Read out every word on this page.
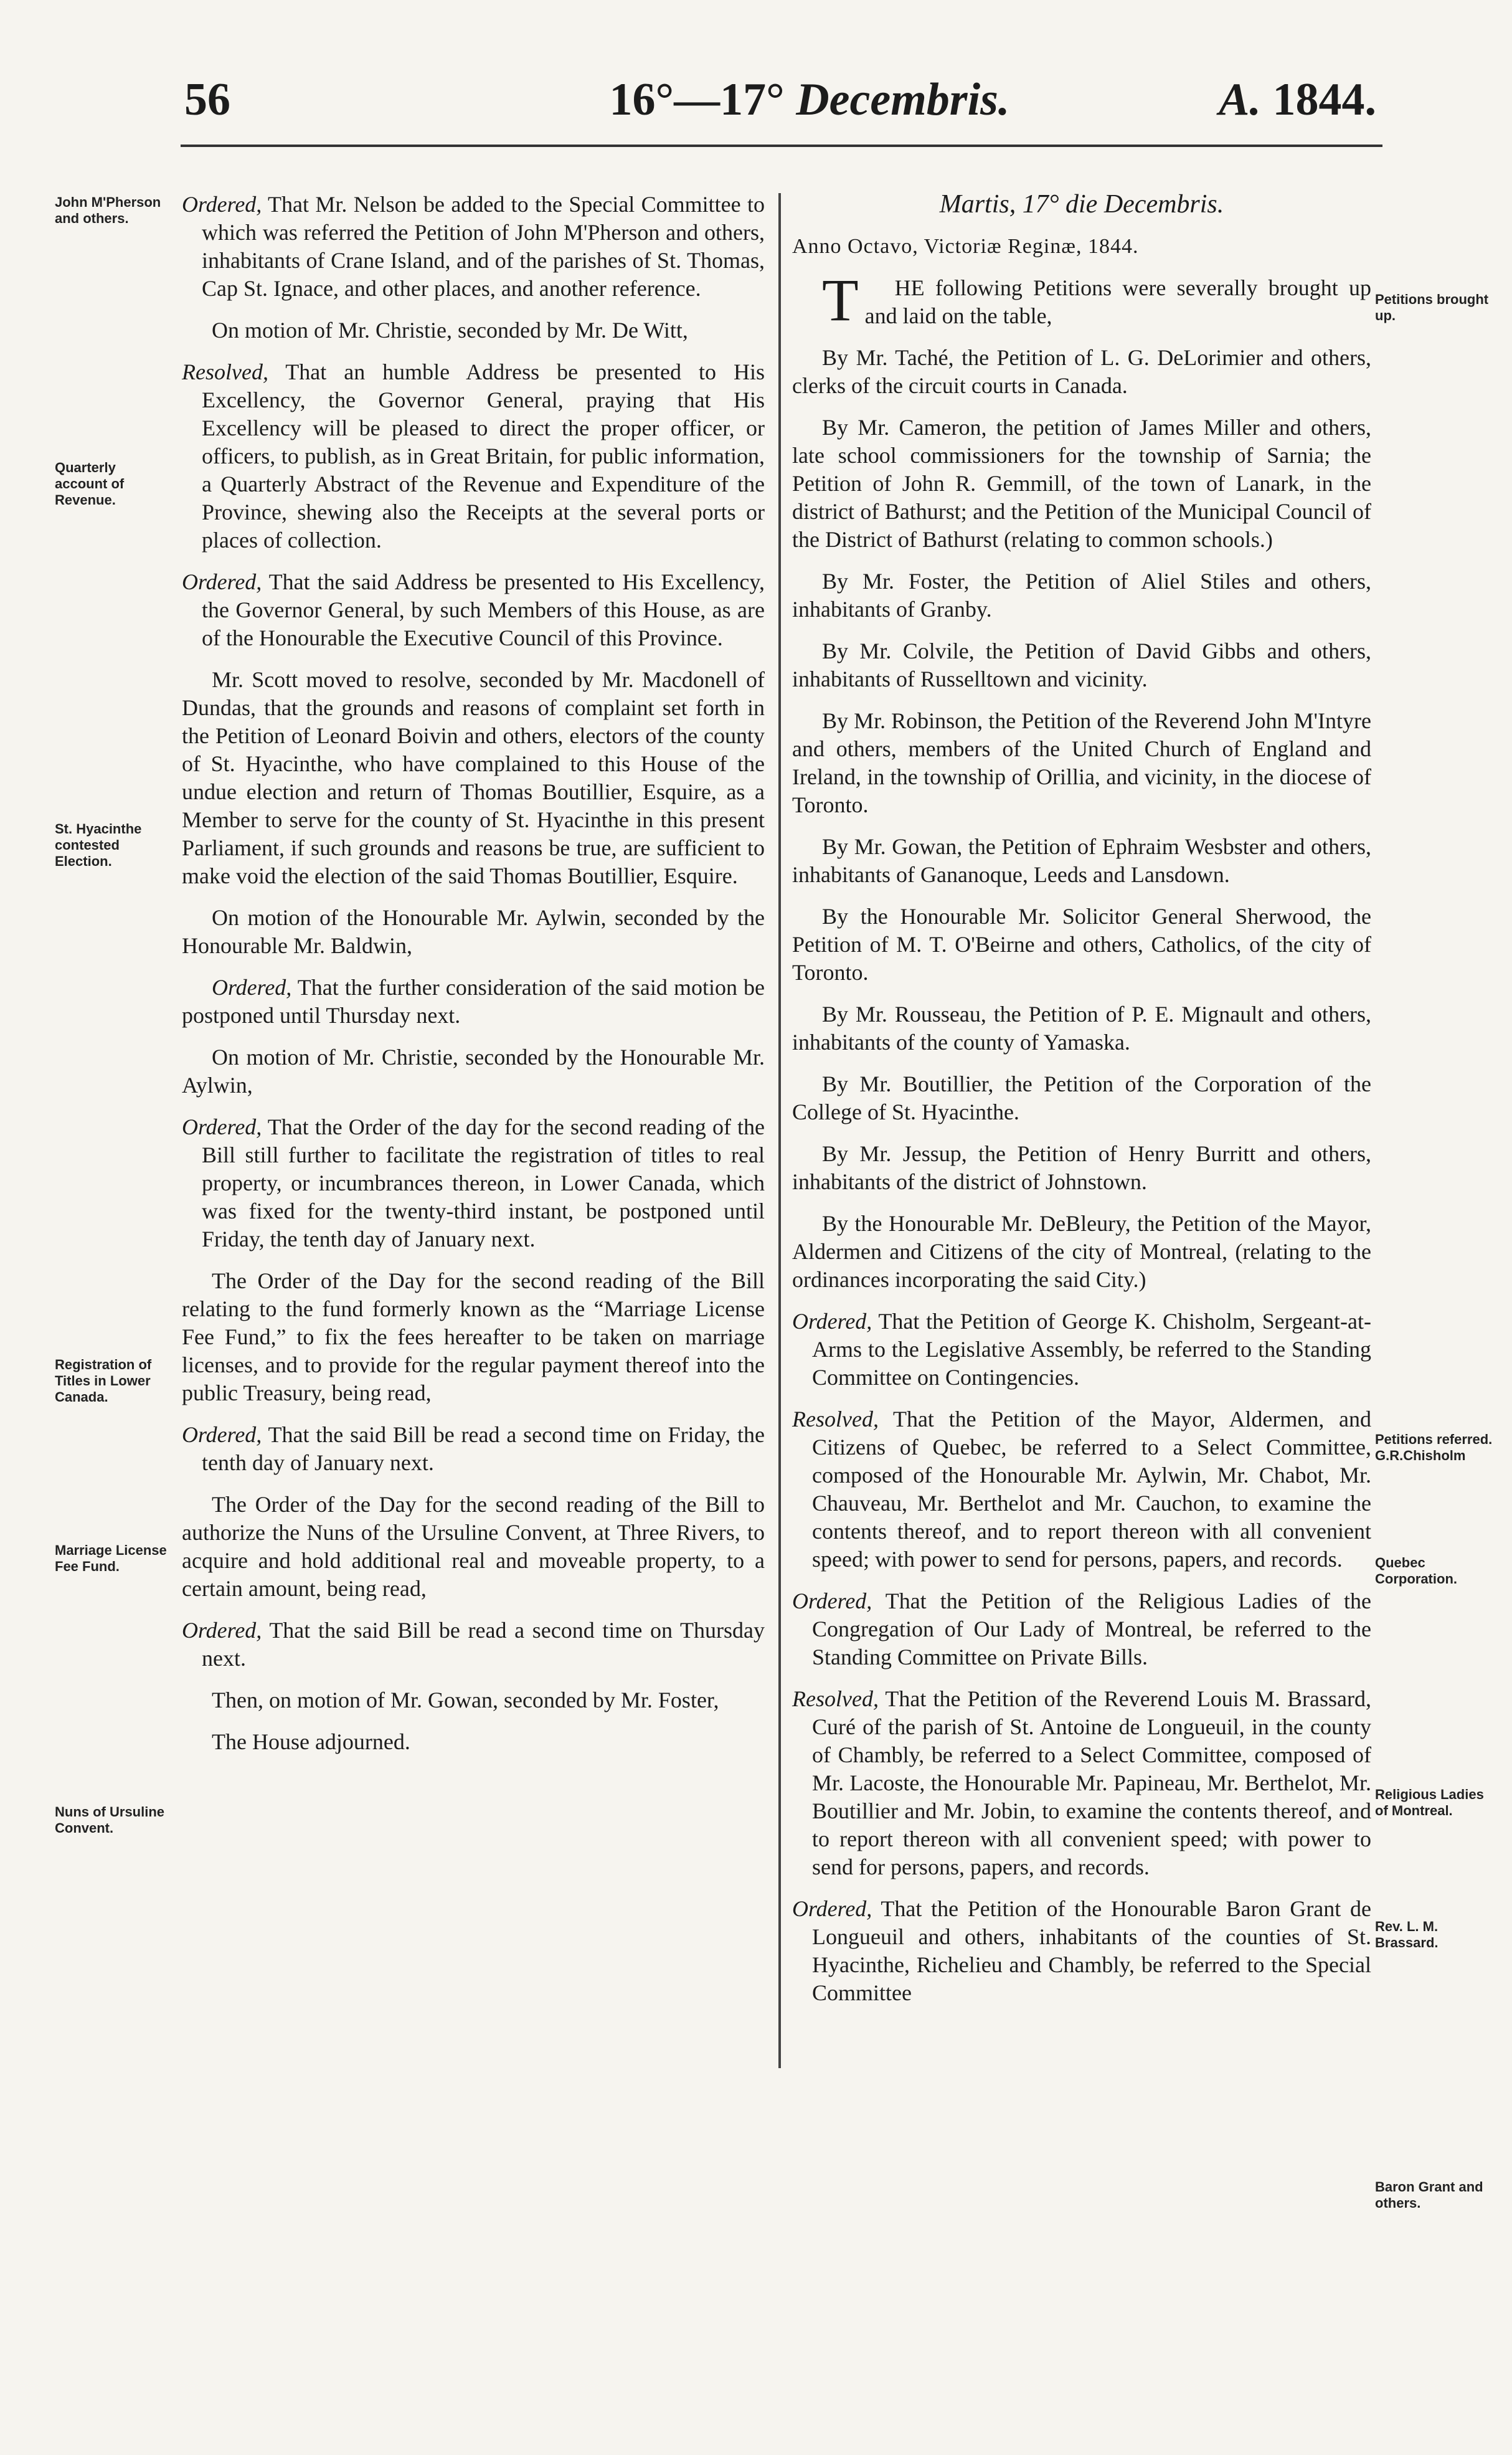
56	16°—17° Decembris.	A. 1844.

Ordered, That Mr. Nelson be added to the Special Committee to which was referred the Petition of John M'Pherson and others, inhabitants of Crane Island, and of the parishes of St. Thomas, Cap St. Ignace, and other places, and another reference.

On motion of Mr. Christie, seconded by Mr. De Witt,

Resolved, That an humble Address be presented to His Excellency, the Governor General, praying that His Excellency will be pleased to direct the proper officer, or officers, to publish, as in Great Britain, for public information, a Quarterly Abstract of the Revenue and Expenditure of the Province, shewing also the Receipts at the several ports or places of collection.

Ordered, That the said Address be presented to His Excellency, the Governor General, by such Members of this House, as are of the Honourable the Executive Council of this Province.

Mr. Scott moved to resolve, seconded by Mr. Macdonell of Dundas, that the grounds and reasons of complaint set forth in the Petition of Leonard Boivin and others, electors of the county of St. Hyacinthe, who have complained to this House of the undue election and return of Thomas Boutillier, Esquire, as a Member to serve for the county of St. Hyacinthe in this present Parliament, if such grounds and reasons be true, are sufficient to make void the election of the said Thomas Boutillier, Esquire.

On motion of the Honourable Mr. Aylwin, seconded by the Honourable Mr. Baldwin,

Ordered, That the further consideration of the said motion be postponed until Thursday next.

On motion of Mr. Christie, seconded by the Honourable Mr. Aylwin,

Ordered, That the Order of the day for the second reading of the Bill still further to facilitate the registration of titles to real property, or incumbrances thereon, in Lower Canada, which was fixed for the twenty-third instant, be postponed until Friday, the tenth day of January next.

The Order of the Day for the second reading of the Bill relating to the fund formerly known as the “Marriage License Fee Fund,” to fix the fees hereafter to be taken on marriage licenses, and to provide for the regular payment thereof into the public Treasury, being read,

Ordered, That the said Bill be read a second time on Friday, the tenth day of January next.

The Order of the Day for the second reading of the Bill to authorize the Nuns of the Ursuline Convent, at Three Rivers, to acquire and hold additional real and moveable property, to a certain amount, being read,

Ordered, That the said Bill be read a second time on Thursday next.

Then, on motion of Mr. Gowan, seconded by Mr. Foster,

The House adjourned.

Martis, 17° die Decembris.

Anno Octavo, Victoriæ Reginæ, 1844.

THE following Petitions were severally brought up and laid on the table,

By Mr. Taché, the Petition of L. G. DeLorimier and others, clerks of the circuit courts in Canada.

By Mr. Cameron, the petition of James Miller and others, late school commissioners for the township of Sarnia; the Petition of John R. Gemmill, of the town of Lanark, in the district of Bathurst; and the Petition of the Municipal Council of the District of Bathurst (relating to common schools.)

By Mr. Foster, the Petition of Aliel Stiles and others, inhabitants of Granby.

By Mr. Colvile, the Petition of David Gibbs and others, inhabitants of Russelltown and vicinity.

By Mr. Robinson, the Petition of the Reverend John M'Intyre and others, members of the United Church of England and Ireland, in the township of Orillia, and vicinity, in the diocese of Toronto.

By Mr. Gowan, the Petition of Ephraim Wesbster and others, inhabitants of Gananoque, Leeds and Lansdown.

By the Honourable Mr. Solicitor General Sherwood, the Petition of M. T. O'Beirne and others, Catholics, of the city of Toronto.

By Mr. Rousseau, the Petition of P. E. Mignault and others, inhabitants of the county of Yamaska.

By Mr. Boutillier, the Petition of the Corporation of the College of St. Hyacinthe.

By Mr. Jessup, the Petition of Henry Burritt and others, inhabitants of the district of Johnstown.

By the Honourable Mr. DeBleury, the Petition of the Mayor, Aldermen and Citizens of the city of Montreal, (relating to the ordinances incorporating the said City.)

Ordered, That the Petition of George K. Chisholm, Sergeant-at-Arms to the Legislative Assembly, be referred to the Standing Committee on Contingencies.

Resolved, That the Petition of the Mayor, Aldermen, and Citizens of Quebec, be referred to a Select Committee, composed of the Honourable Mr. Aylwin, Mr. Chabot, Mr. Chauveau, Mr. Berthelot and Mr. Cauchon, to examine the contents thereof, and to report thereon with all convenient speed; with power to send for persons, papers, and records.

Ordered, That the Petition of the Religious Ladies of the Congregation of Our Lady of Montreal, be referred to the Standing Committee on Private Bills.

Resolved, That the Petition of the Reverend Louis M. Brassard, Curé of the parish of St. Antoine de Longueuil, in the county of Chambly, be referred to a Select Committee, composed of Mr. Lacoste, the Honourable Mr. Papineau, Mr. Berthelot, Mr. Boutillier and Mr. Jobin, to examine the contents thereof, and to report thereon with all convenient speed; with power to send for persons, papers, and records.

Ordered, That the Petition of the Honourable Baron Grant de Longueuil and others, inhabitants of the counties of St. Hyacinthe, Richelieu and Chambly, be referred to the Special Committee

John M'Pherson and others.
Quarterly account of Revenue.
St. Hyacinthe contested Election.
Registration of Titles in Lower Canada.
Marriage License Fee Fund.
Nuns of Ursuline Convent.
Petitions brought up.
Petitions referred. G.R.Chisholm
Quebec Corporation.
Religious Ladies of Montreal.
Rev. L. M. Brassard.
Baron Grant and others.
